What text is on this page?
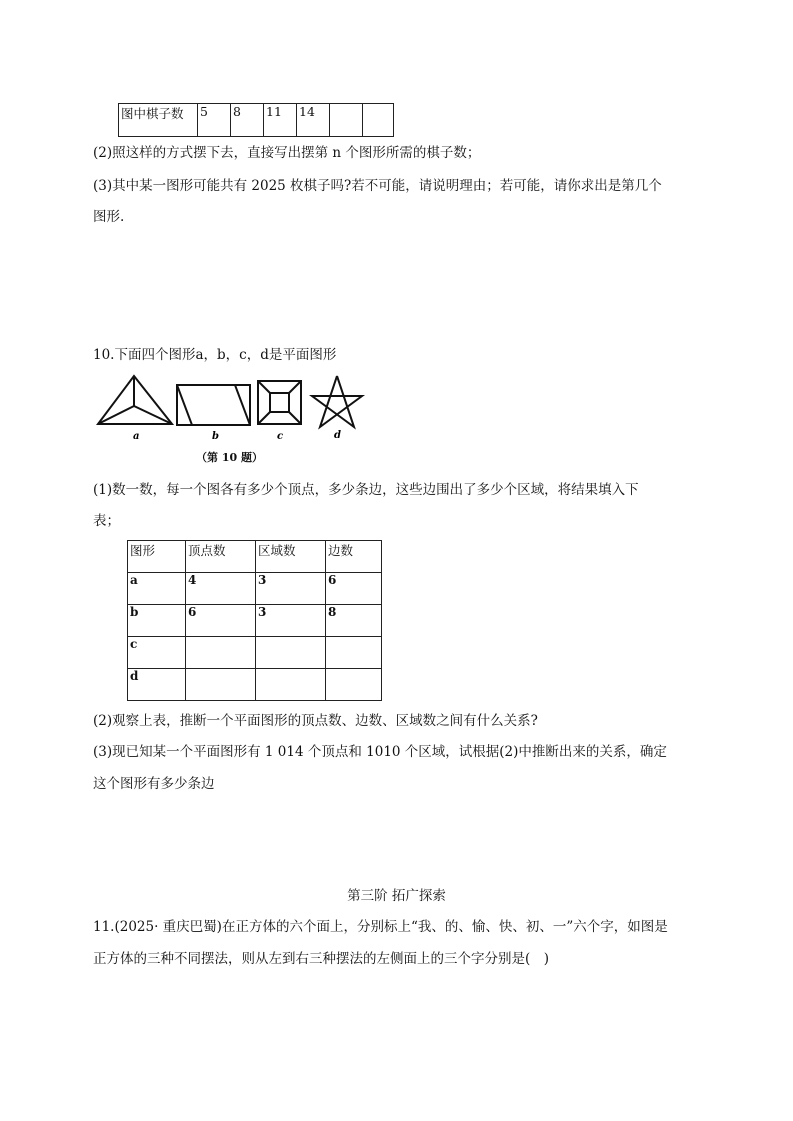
图中棋子数	5	8	11	14		
(2)照这样的方式摆下去，直接写出摆第 n 个图形所需的棋子数；
(3)其中某一图形可能共有 2025 枚棋子吗?若不可能，请说明理由；若可能，请你求出是第几个
图形.
10.下面四个图形a，b，c，d是平面图形
a	b	c	d
（第 10 题）
(1)数一数，每一个图各有多少个顶点，多少条边，这些边围出了多少个区域，将结果填入下
表；
图形	顶点数	区域数	边数
a	4	3	6
b	6	3	8
c			
d			
(2)观察上表，推断一个平面图形的顶点数、边数、区域数之间有什么关系?
(3)现已知某一个平面图形有 1 014 个顶点和 1010 个区域，试根据(2)中推断出来的关系，确定
这个图形有多少条边
第三阶 拓广探索
11.(2025· 重庆巴蜀)在正方体的六个面上，分别标上“我、的、愉、快、初、一”六个字，如图是
正方体的三种不同摆法，则从左到右三种摆法的左侧面上的三个字分别是(　)
